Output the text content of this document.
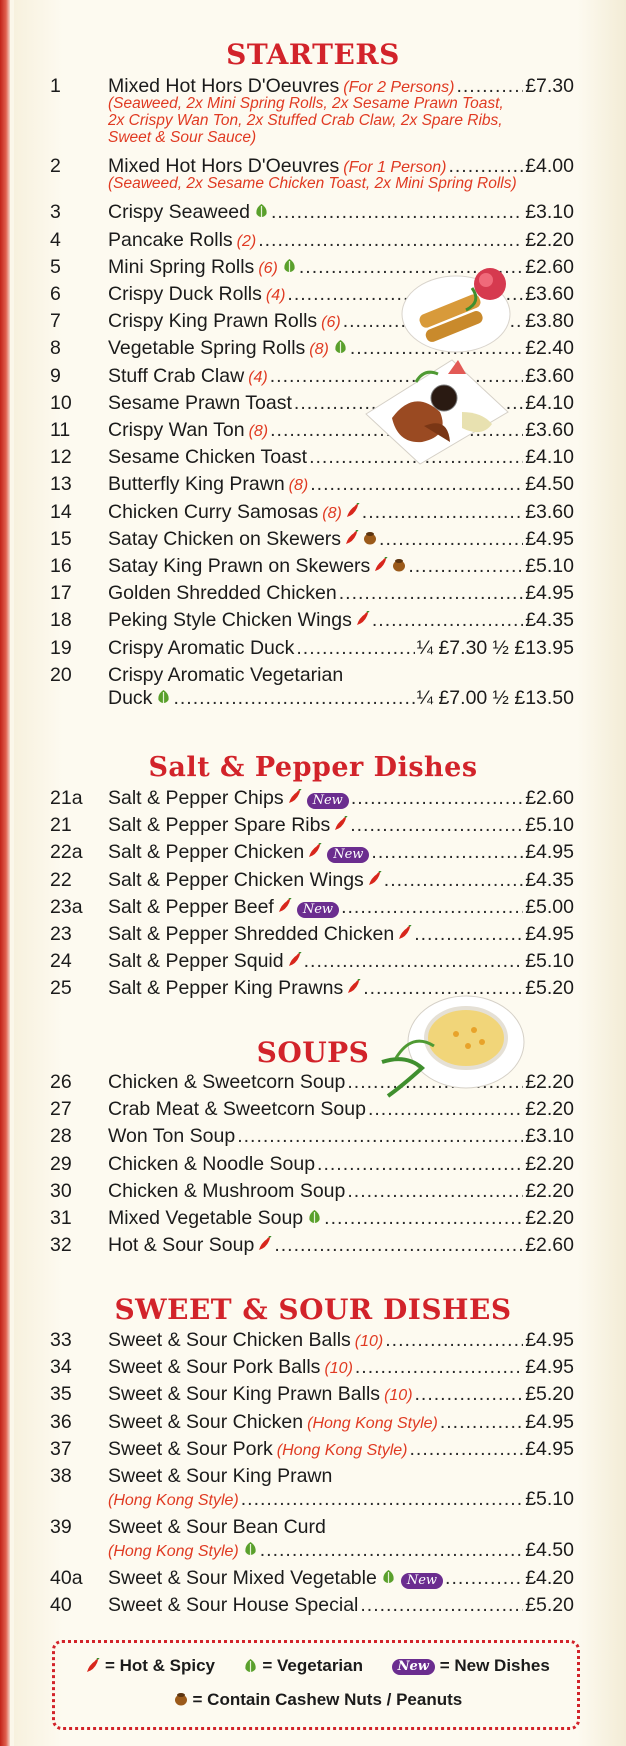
STARTERS
1 Mixed Hot Hors D'Oeuvres (For 2 Persons) .....	£7.30
(Seaweed, 2x Mini Spring Rolls, 2x Sesame Prawn Toast,
2x Crispy Wan Ton, 2x Stuffed Crab Claw, 2x Spare Ribs,
Sweet & Sour Sauce)
2 Mixed Hot Hors D'Oeuvres (For 1 Person) .....	£4.00
(Seaweed, 2x Sesame Chicken Toast, 2x Mini Spring Rolls)
3 Crispy Seaweed .....	£3.10
4 Pancake Rolls (2) .....	£2.20
5 Mini Spring Rolls (6) .....	£2.60
6 Crispy Duck Rolls (4) .....	£3.60
7 Crispy King Prawn Rolls (6) .....	£3.80
8 Vegetable Spring Rolls (8) .....	£2.40
9 Stuff Crab Claw (4) .....	£3.60
10 Sesame Prawn Toast .....	£4.10
11 Crispy Wan Ton (8) .....	£3.60
12 Sesame Chicken Toast .....	£4.10
13 Butterfly King Prawn (8) .....	£4.50
14 Chicken Curry Samosas (8) .....	£3.60
15 Satay Chicken on Skewers .....	£4.95
16 Satay King Prawn on Skewers .....	£5.10
17 Golden Shredded Chicken .....	£4.95
18 Peking Style Chicken Wings .....	£4.35
19 Crispy Aromatic Duck .....	¼ £7.30 ½ £13.95
20 Crispy Aromatic Vegetarian
Duck .....	¼ £7.00 ½ £13.50
Salt & Pepper Dishes
21a Salt & Pepper Chips	New .....	£2.60
21 Salt & Pepper Spare Ribs .....	£5.10
22a Salt & Pepper Chicken	New .....	£4.95
22 Salt & Pepper Chicken Wings .....	£4.35
23a Salt & Pepper Beef	New .....	£5.00
23 Salt & Pepper Shredded Chicken .....	£4.95
24 Salt & Pepper Squid .....	£5.10
25 Salt & Pepper King Prawns .....	£5.20
SOUPS
26 Chicken & Sweetcorn Soup .....	£2.20
27 Crab Meat & Sweetcorn Soup .....	£2.20
28 Won Ton Soup .....	£3.10
29 Chicken & Noodle Soup .....	£2.20
30 Chicken & Mushroom Soup .....	£2.20
31 Mixed Vegetable Soup .....	£2.20
32 Hot & Sour Soup .....	£2.60
SWEET & SOUR DISHES
33 Sweet & Sour Chicken Balls (10) .....	£4.95
34 Sweet & Sour Pork Balls (10) .....	£4.95
35 Sweet & Sour King Prawn Balls (10) .....	£5.20
36 Sweet & Sour Chicken (Hong Kong Style) .....	£4.95
37 Sweet & Sour Pork (Hong Kong Style) .....	£4.95
38 Sweet & Sour King Prawn
(Hong Kong Style) .....	£5.10
39 Sweet & Sour Bean Curd
(Hong Kong Style) .....	£4.50
40a Sweet & Sour Mixed Vegetable	New .....	£4.20
40 Sweet & Sour House Special .....	£5.20
= Hot & Spicy	= Vegetarian	New = New Dishes
= Contain Cashew Nuts / Peanuts
